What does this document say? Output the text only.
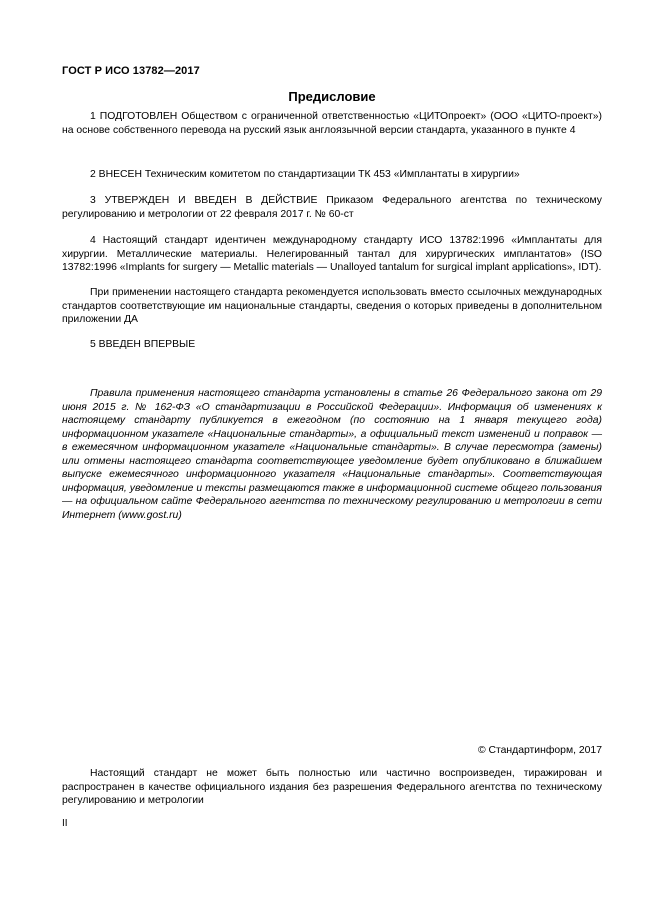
ГОСТ Р ИСО 13782—2017
Предисловие

1 ПОДГОТОВЛЕН Обществом с ограниченной ответственностью «ЦИТОпроект» (ООО «ЦИТО-проект») на основе собственного перевода на русский язык англоязычной версии стандарта, указанного в пункте 4

2 ВНЕСЕН Техническим комитетом по стандартизации ТК 453 «Имплантаты в хирургии»

3 УТВЕРЖДЕН И ВВЕДЕН В ДЕЙСТВИЕ Приказом Федерального агентства по техническому регулированию и метрологии от 22 февраля 2017 г. № 60-ст

4 Настоящий стандарт идентичен международному стандарту ИСО 13782:1996 «Имплантаты для хирургии. Металлические материалы. Нелегированный тантал для хирургических имплантатов» (ISO 13782:1996 «Implants for surgery — Metallic materials — Unalloyed tantalum for surgical implant applications», IDT).

При применении настоящего стандарта рекомендуется использовать вместо ссылочных международных стандартов соответствующие им национальные стандарты, сведения о которых приведены в дополнительном приложении ДА

5 ВВЕДЕН ВПЕРВЫЕ

Правила применения настоящего стандарта установлены в статье 26 Федерального закона от 29 июня 2015 г. № 162-ФЗ «О стандартизации в Российской Федерации». Информация об изменениях к настоящему стандарту публикуется в ежегодном (по состоянию на 1 января текущего года) информационном указателе «Национальные стандарты», а официальный текст изменений и поправок — в ежемесячном информационном указателе «Национальные стандарты». В случае пересмотра (замены) или отмены настоящего стандарта соответствующее уведомление будет опубликовано в ближайшем выпуске ежемесячного информационного указателя «Национальные стандарты». Соответствующая информация, уведомление и тексты размещаются также в информационной системе общего пользования — на официальном сайте Федерального агентства по техническому регулированию и метрологии в сети Интернет (www.gost.ru)

© Стандартинформ, 2017

Настоящий стандарт не может быть полностью или частично воспроизведен, тиражирован и распространен в качестве официального издания без разрешения Федерального агентства по техническому регулированию и метрологии

II
